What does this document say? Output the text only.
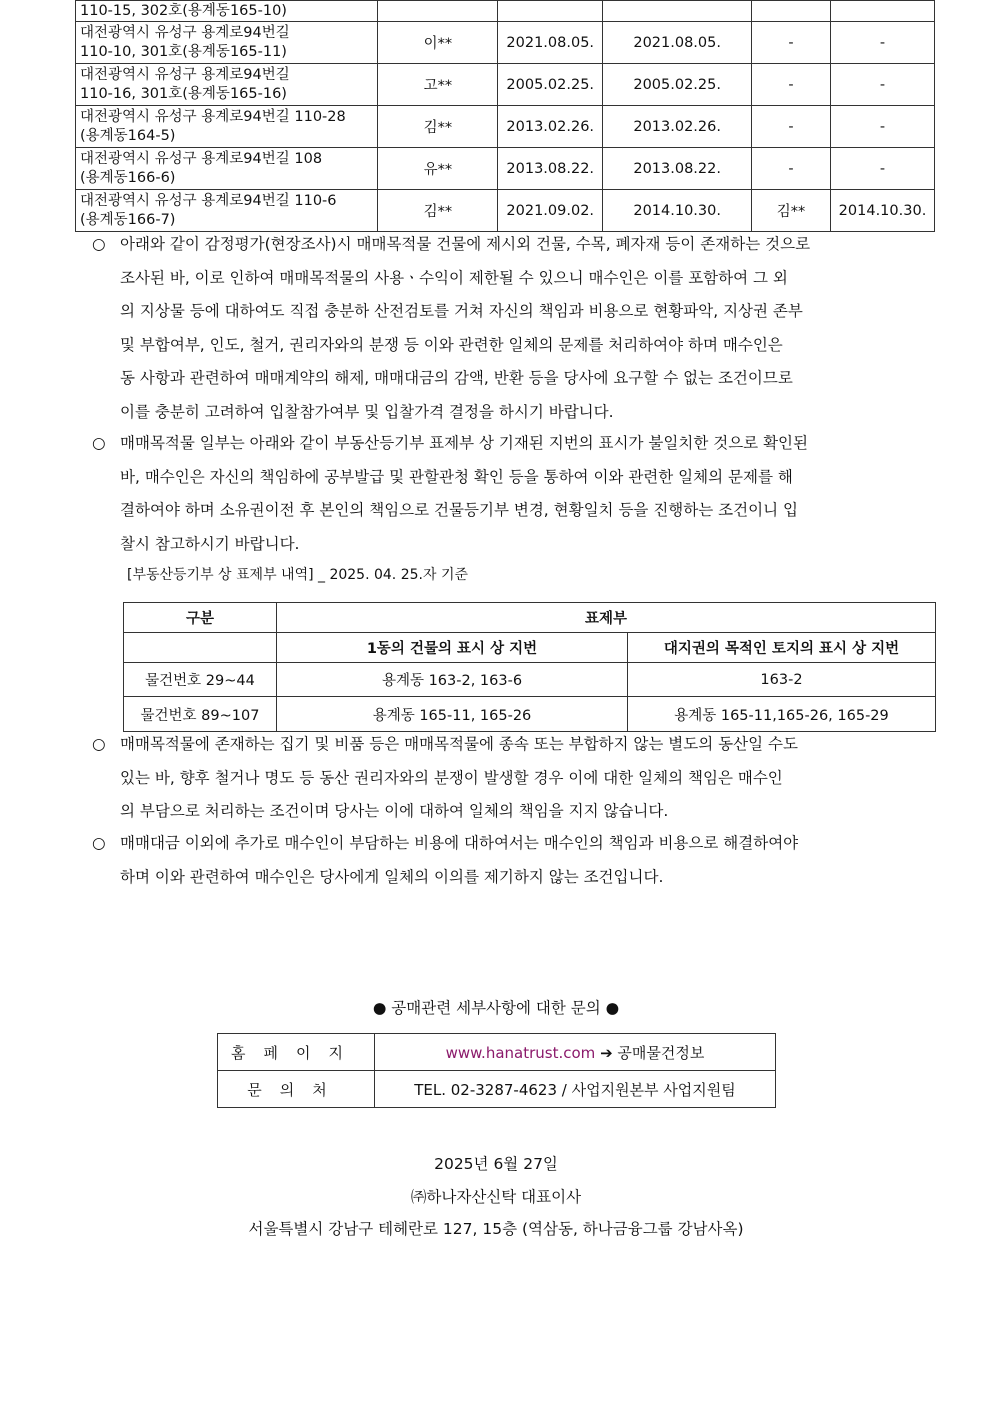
110-15, 302호(용계동165-10)					

대전광역시 유성구 용계로94번길
110-10, 301호(용계동165-11)	이**	2021.08.05.	2021.08.05.	-	-

대전광역시 유성구 용계로94번길
110-16, 301호(용계동165-16)	고**	2005.02.25.	2005.02.25.	-	-

대전광역시 유성구 용계로94번길 110-28
(용계동164-5)	김**	2013.02.26.	2013.02.26.	-	-

대전광역시 유성구 용계로94번길 108
(용계동166-6)	유**	2013.08.22.	2013.08.22.	-	-

대전광역시 유성구 용계로94번길 110-6
(용계동166-7)	김**	2021.09.02.	2014.10.30.	김**	2014.10.30.
○ 아래와 같이 감정평가(현장조사)시 매매목적물 건물에 제시외 건물, 수목, 폐자재 등이 존재하는 것으로
조사된 바, 이로 인하여 매매목적물의 사용ㆍ수익이 제한될 수 있으니 매수인은 이를 포함하여 그 외
의 지상물 등에 대하여도 직접 충분하 산전검토를 거쳐 자신의 책임과 비용으로 현황파악, 지상권 존부
및 부합여부, 인도, 철거, 권리자와의 분쟁 등 이와 관련한 일체의 문제를 처리하여야 하며 매수인은
동 사항과 관련하여 매매계약의 해제, 매매대금의 감액, 반환 등을 당사에 요구할 수 없는 조건이므로
이를 충분히 고려하여 입찰참가여부 및 입찰가격 결정을 하시기 바랍니다.
○ 매매목적물 일부는 아래와 같이 부동산등기부 표제부 상 기재된 지번의 표시가 불일치한 것으로 확인된
바, 매수인은 자신의 책임하에 공부발급 및 관할관청 확인 등을 통하여 이와 관련한 일체의 문제를 해
결하여야 하며 소유권이전 후 본인의 책임으로 건물등기부 변경, 현황일치 등을 진행하는 조건이니 입
찰시 참고하시기 바랍니다.
[부동산등기부 상 표제부 내역] _ 2025. 04. 25.자 기준
구분	표제부	
	1동의 건물의 표시 상 지번	대지권의 목적인 토지의 표시 상 지번
물건번호 29~44	용계동 163-2, 163-6	163-2
물건번호 89~107	용계동 165-11, 165-26	용계동 165-11,165-26, 165-29
○ 매매목적물에 존재하는 집기 및 비품 등은 매매목적물에 종속 또는 부합하지 않는 별도의 동산일 수도
있는 바, 향후 철거나 명도 등 동산 권리자와의 분쟁이 발생할 경우 이에 대한 일체의 책임은 매수인
의 부담으로 처리하는 조건이며 당사는 이에 대하여 일체의 책임을 지지 않습니다.
○ 매매대금 이외에 추가로 매수인이 부담하는 비용에 대하여서는 매수인의 책임과 비용으로 해결하여야
하며 이와 관련하여 매수인은 당사에게 일체의 이의를 제기하지 않는 조건입니다.
● 공매관련 세부사항에 대한 문의 ●
홈페이지	www.hanatrust.com ➔ 공매물건정보
문의처	TEL. 02-3287-4623 / 사업지원본부 사업지원팀
2025년 6월 27일
㈜하나자산신탁 대표이사
서울특별시 강남구 테헤란로 127, 15층 (역삼동, 하나금융그룹 강남사옥)
